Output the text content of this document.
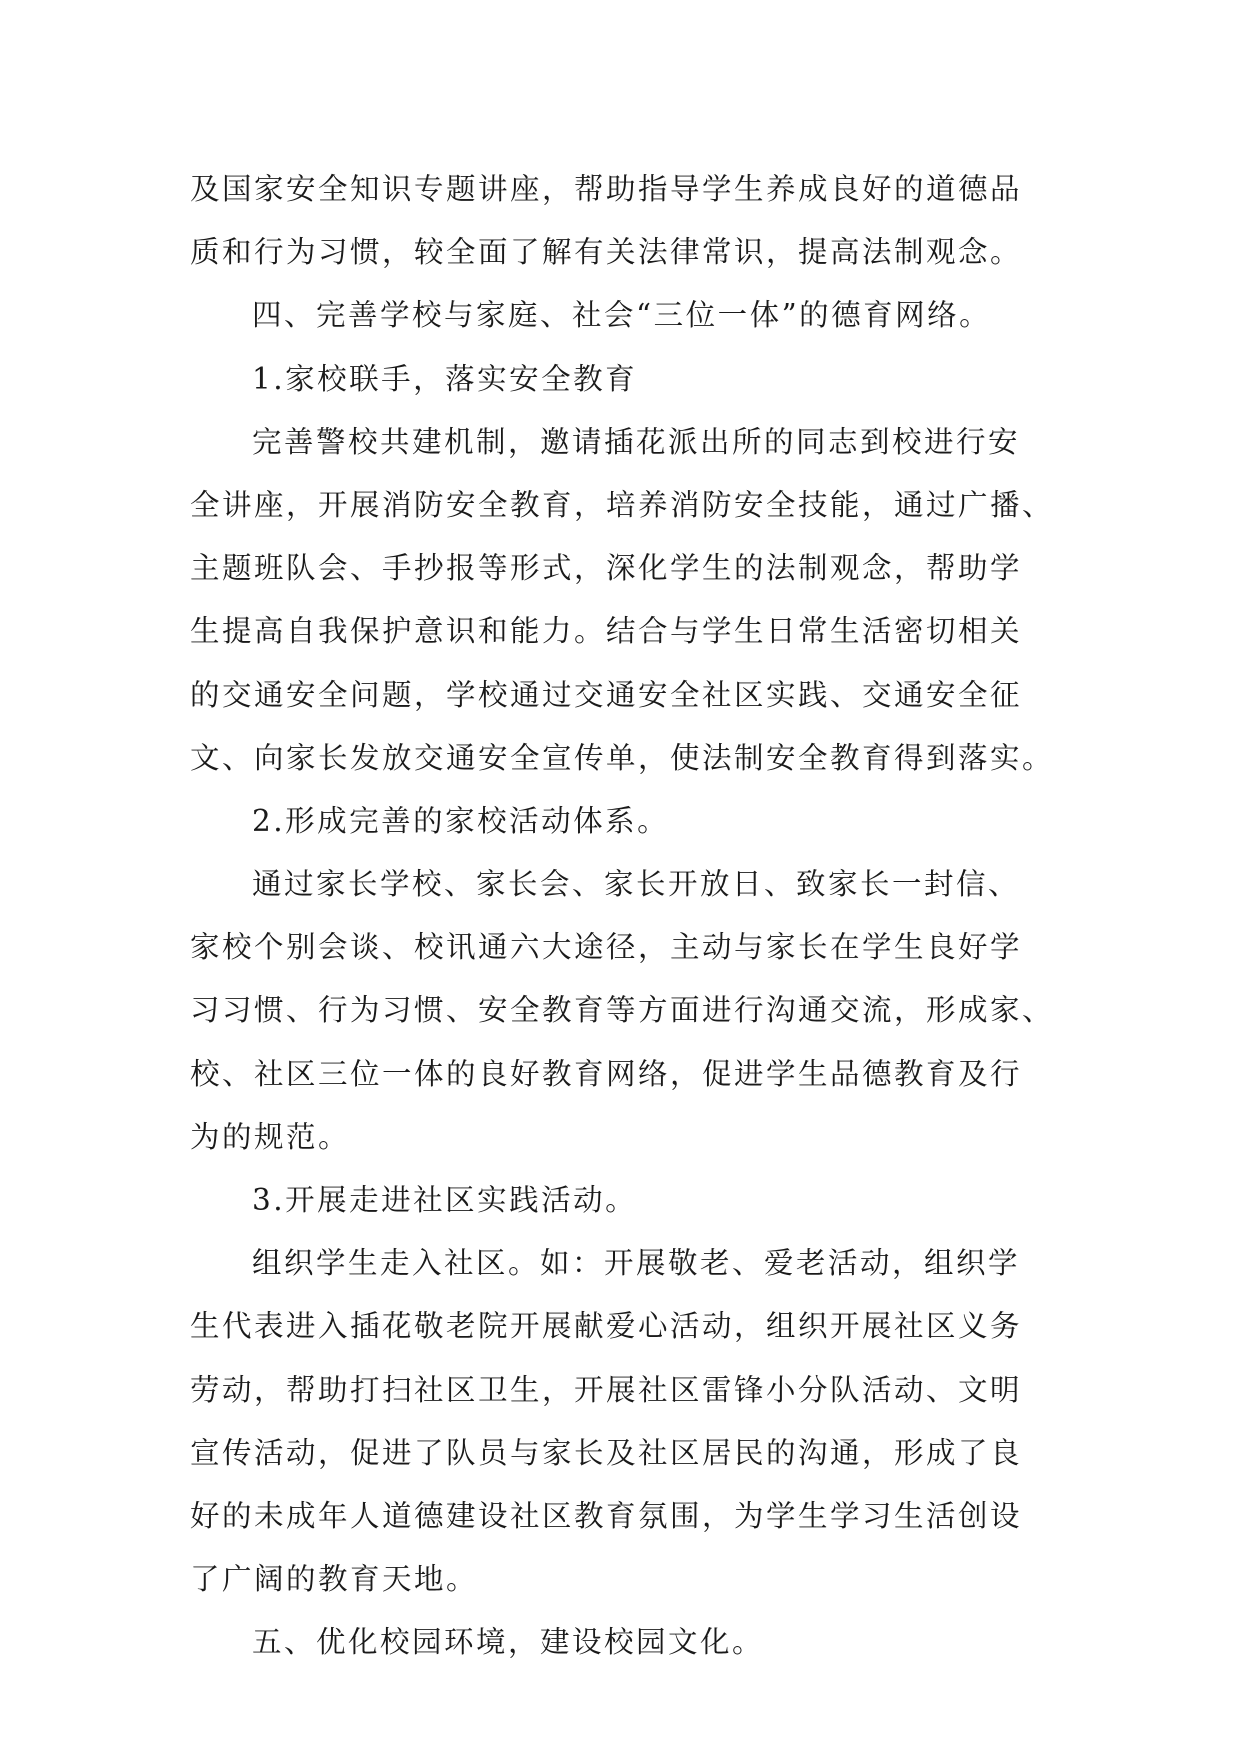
及国家安全知识专题讲座，帮助指导学生养成良好的道德品
质和行为习惯，较全面了解有关法律常识，提高法制观念。
四、完善学校与家庭、社会“三位一体”的德育网络。
1.家校联手，落实安全教育
完善警校共建机制，邀请插花派出所的同志到校进行安
全讲座，开展消防安全教育，培养消防安全技能，通过广播、
主题班队会、手抄报等形式，深化学生的法制观念，帮助学
生提高自我保护意识和能力。结合与学生日常生活密切相关
的交通安全问题，学校通过交通安全社区实践、交通安全征
文、向家长发放交通安全宣传单，使法制安全教育得到落实。
2.形成完善的家校活动体系。
通过家长学校、家长会、家长开放日、致家长一封信、
家校个别会谈、校讯通六大途径，主动与家长在学生良好学
习习惯、行为习惯、安全教育等方面进行沟通交流，形成家、
校、社区三位一体的良好教育网络，促进学生品德教育及行
为的规范。
3.开展走进社区实践活动。
组织学生走入社区。如：开展敬老、爱老活动，组织学
生代表进入插花敬老院开展献爱心活动，组织开展社区义务
劳动，帮助打扫社区卫生，开展社区雷锋小分队活动、文明
宣传活动，促进了队员与家长及社区居民的沟通，形成了良
好的未成年人道德建设社区教育氛围，为学生学习生活创设
了广阔的教育天地。
五、优化校园环境，建设校园文化。
